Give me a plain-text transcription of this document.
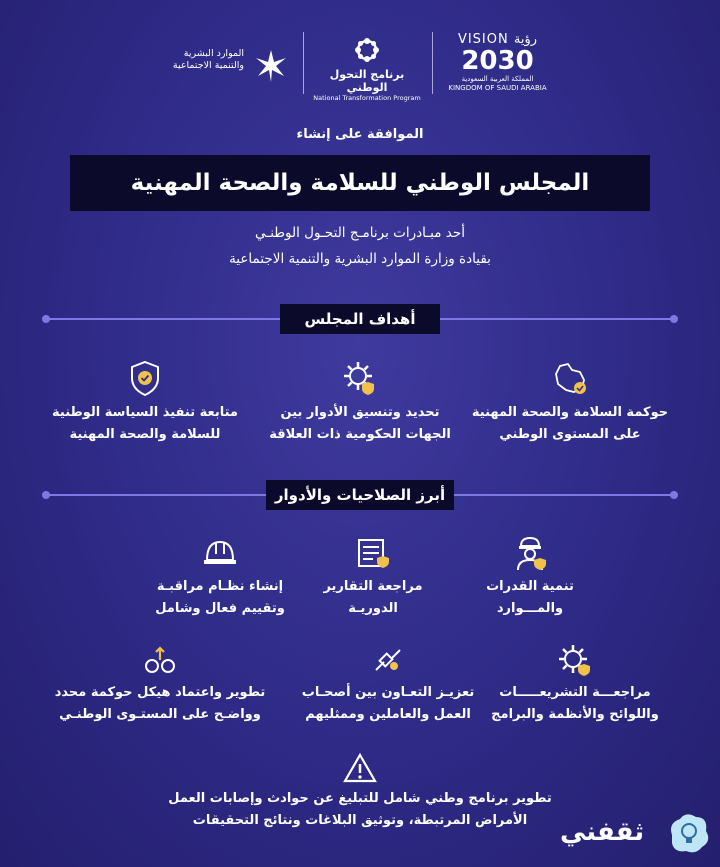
VISION رؤية
2030
المملكة العربية السعودية
KINGDOM OF SAUDI ARABIA
برنامج التحول الوطني
National Transformation Program
الموارد البشرية
والتنمية الاجتماعية
الموافقة على إنشاء
المجلس الوطني للسلامة والصحة المهنية
أحد مبـادرات برنامـج التحـول الوطنـي
بقيادة وزارة الموارد البشرية والتنمية الاجتماعية
أهداف المجلس
حوكمة السلامة والصحة المهنية
على المستوى الوطني
تحديد وتنسيق الأدوار بين
الجهات الحكومية ذات العلاقة
متابعة تنفيذ السياسة الوطنية
للسلامة والصحة المهنية
أبرز الصلاحيات والأدوار
تنمية القدرات
والمـــوارد
مراجعة التقارير
الدوريـة
إنشاء نظـام مراقبـة
وتقييم فعال وشامل
مراجعـــة التشريعـــــات
واللوائح والأنظمة والبرامج
تعزيـز التعـاون بين أصحـاب
العمل والعاملين وممثليهم
تطوير واعتماد هيكل حوكمة محدد
وواضـح على المستـوى الوطنـي
تطوير برنامج وطني شامل للتبليغ عن حوادث وإصابات العمل
الأمراض المرتبطة، وتوثيق البلاغات ونتائج التحقيقات	ثقفني
